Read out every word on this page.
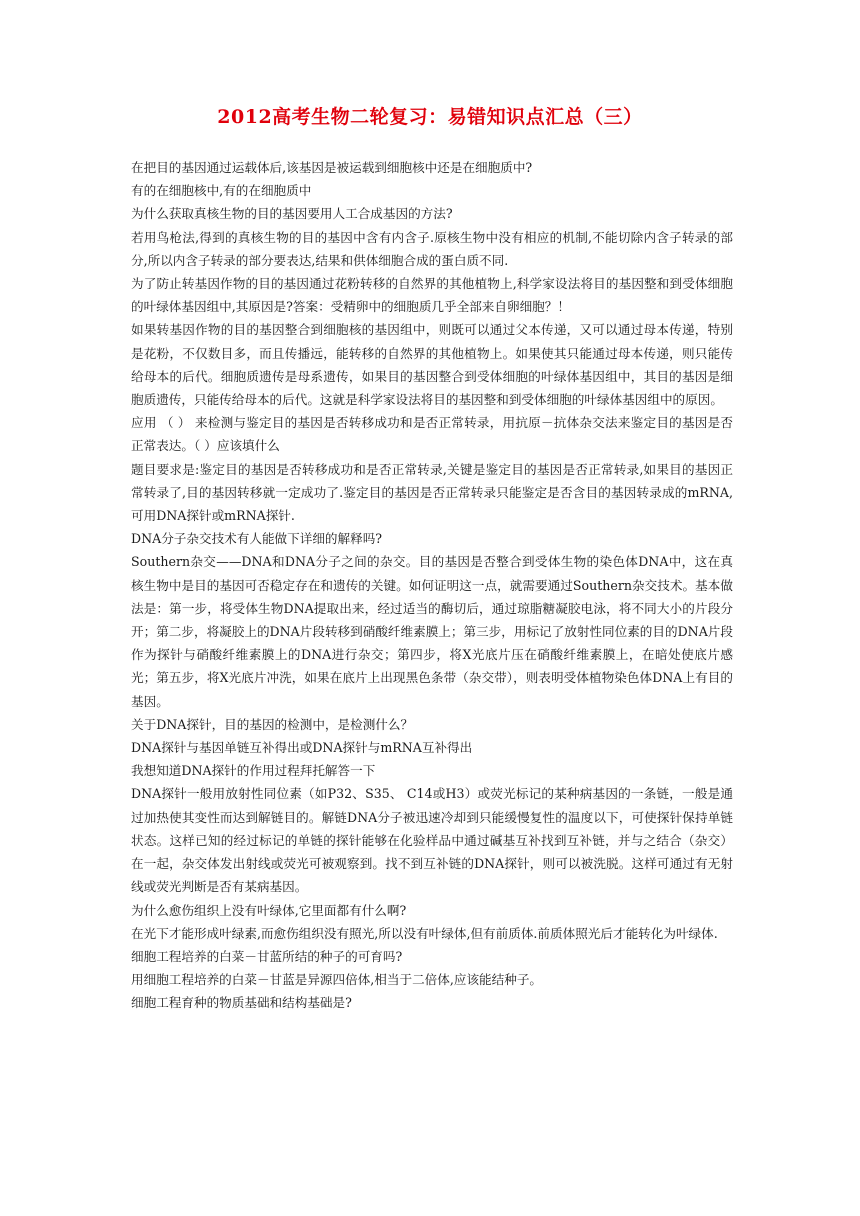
2012高考生物二轮复习：易错知识点汇总（三）

在把目的基因通过运载体后,该基因是被运载到细胞核中还是在细胞质中?

有的在细胞核中,有的在细胞质中

为什么获取真核生物的目的基因要用人工合成基因的方法?

若用鸟枪法,得到的真核生物的目的基因中含有内含子.原核生物中没有相应的机制,不能切除内含子转录的部分,所以内含子转录的部分要表达,结果和供体细胞合成的蛋白质不同.

为了防止转基因作物的目的基因通过花粉转移的自然界的其他植物上,科学家设法将目的基因整和到受体细胞的叶绿体基因组中,其原因是?答案：受精卵中的细胞质几乎全部来自卵细胞？！

如果转基因作物的目的基因整合到细胞核的基因组中，则既可以通过父本传递，又可以通过母本传递，特别是花粉，不仅数目多，而且传播远，能转移的自然界的其他植物上。如果使其只能通过母本传递，则只能传给母本的后代。细胞质遗传是母系遗传，如果目的基因整合到受体细胞的叶绿体基因组中，其目的基因是细胞质遗传，只能传给母本的后代。这就是科学家设法将目的基因整和到受体细胞的叶绿体基因组中的原因。

应用 （ ） 来检测与鉴定目的基因是否转移成功和是否正常转录，用抗原－抗体杂交法来鉴定目的基因是否正常表达。（ ）应该填什么

题目要求是:鉴定目的基因是否转移成功和是否正常转录,关键是鉴定目的基因是否正常转录,如果目的基因正常转录了,目的基因转移就一定成功了.鉴定目的基因是否正常转录只能鉴定是否含目的基因转录成的mRNA,可用DNA探针或mRNA探针.

DNA分子杂交技术有人能做下详细的解释吗?

Southern杂交——DNA和DNA分子之间的杂交。目的基因是否整合到受体生物的染色体DNA中，这在真核生物中是目的基因可否稳定存在和遗传的关键。如何证明这一点，就需要通过Southern杂交技术。基本做法是：第一步，将受体生物DNA提取出来，经过适当的酶切后，通过琼脂糖凝胶电泳，将不同大小的片段分开；第二步，将凝胶上的DNA片段转移到硝酸纤维素膜上；第三步，用标记了放射性同位素的目的DNA片段作为探针与硝酸纤维素膜上的DNA进行杂交；第四步，将X光底片压在硝酸纤维素膜上，在暗处使底片感光；第五步，将X光底片冲洗，如果在底片上出现黑色条带（杂交带），则表明受体植物染色体DNA上有目的基因。

关于DNA探针，目的基因的检测中，是检测什么？

DNA探针与基因单链互补得出或DNA探针与mRNA互补得出

我想知道DNA探针的作用过程拜托解答一下

DNA探针一般用放射性同位素（如P32、S35、 C14或H3）或荧光标记的某种病基因的一条链，一般是通过加热使其变性而达到解链目的。解链DNA分子被迅速冷却到只能缓慢复性的温度以下，可使探针保持单链状态。这样已知的经过标记的单链的探针能够在化验样品中通过碱基互补找到互补链，并与之结合（杂交）在一起，杂交体发出射线或荧光可被观察到。找不到互补链的DNA探针，则可以被洗脱。这样可通过有无射线或荧光判断是否有某病基因。

为什么愈伤组织上没有叶绿体,它里面都有什么啊?

在光下才能形成叶绿素,而愈伤组织没有照光,所以没有叶绿体,但有前质体.前质体照光后才能转化为叶绿体.

细胞工程培养的白菜－甘蓝所结的种子的可育吗?

用细胞工程培养的白菜－甘蓝是异源四倍体,相当于二倍体,应该能结种子。

细胞工程育种的物质基础和结构基础是?
